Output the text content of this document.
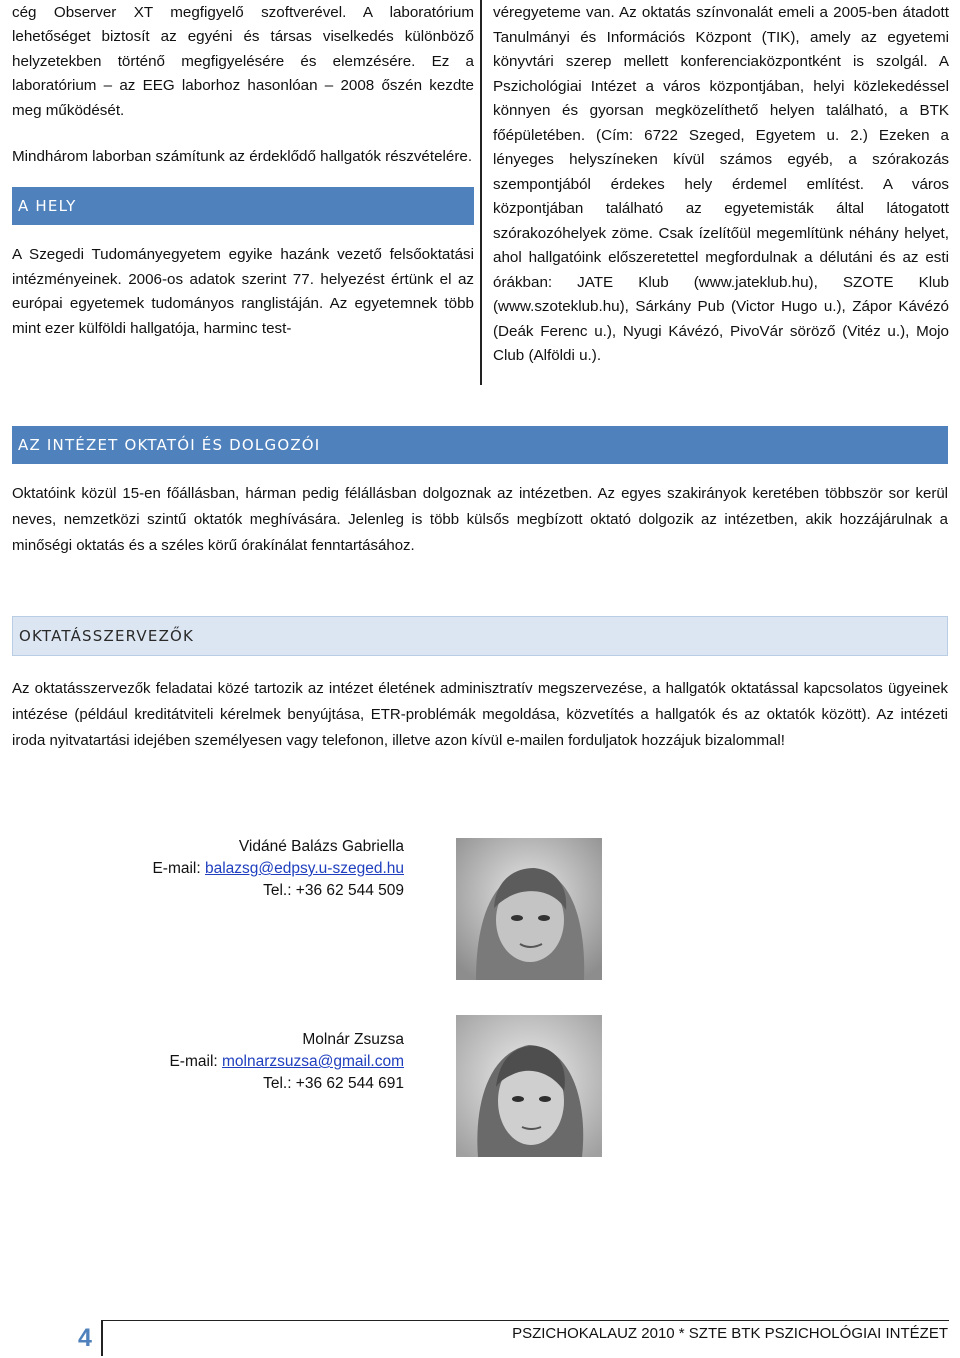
cég Observer XT megfigyelő szoftverével. A laboratórium lehetőséget biztosít az egyéni és társas viselkedés különböző helyzetekben történő megfigyelésére és elemzésére. Ez a laboratórium – az EEG laborhoz hasonlóan – 2008 őszén kezdte meg működését.

Mindhárom laborban számítunk az érdeklődő hallgatók részvételére.

A HELY

A Szegedi Tudományegyetem egyike hazánk vezető felsőoktatási intézményeinek. 2006-os adatok szerint 77. helyezést értünk el az európai egyetemek tudományos ranglistáján. Az egyetemnek több mint ezer külföldi hallgatója, harminc test-

véregyeteme van. Az oktatás színvonalát emeli a 2005-ben átadott Tanulmányi és Információs Központ (TIK), amely az egyetemi könyvtári szerep mellett konferenciaközpontként is szolgál. A Pszichológiai Intézet a város központjában, helyi közlekedéssel könnyen és gyorsan megközelíthető helyen található, a BTK főépületében. (Cím: 6722 Szeged, Egyetem u. 2.) Ezeken a lényeges helyszíneken kívül számos egyéb, a szórakozás szempontjából érdekes hely érdemel említést. A város központjában található az egyetemisták által látogatott szórakozóhelyek zöme. Csak ízelítőül megemlítünk néhány helyet, ahol hallgatóink előszeretettel megfordulnak a délutáni és az esti órákban: JATE Klub (www.jateklub.hu), SZOTE Klub (www.szoteklub.hu), Sárkány Pub (Victor Hugo u.), Zápor Kávézó (Deák Ferenc u.), Nyugi Kávézó, PivoVár söröző (Vitéz u.), Mojo Club (Alföldi u.).

AZ INTÉZET OKTATÓI ÉS DOLGOZÓI

Oktatóink közül 15-en főállásban, hárman pedig félállásban dolgoznak az intézetben. Az egyes szakirányok keretében többször sor kerül neves, nemzetközi szintű oktatók meghívására. Jelenleg is több külsős megbízott oktató dolgozik az intézetben, akik hozzájárulnak a minőségi oktatás és a széles körű órakínálat fenntartásához.

OKTATÁSSZERVEZŐK

Az oktatásszervezők feladatai közé tartozik az intézet életének adminisztratív megszervezése, a hallgatók oktatással kapcsolatos ügyeinek intézése (például kreditátviteli kérelmek benyújtása, ETR-problémák megoldása, közvetítés a hallgatók és az oktatók között). Az intézeti iroda nyitvatartási idejében személyesen vagy telefonon, illetve azon kívül e-mailen forduljatok hozzájuk bizalommal!

Vidáné Balázs Gabriella
E-mail: balazsg@edpsy.u-szeged.hu
Tel.: +36 62 544 509
Molnár Zsuzsa
E-mail: molnarzsuzsa@gmail.com
Tel.: +36 62 544 691
4	PSZICHOKALAUZ 2010 * SZTE BTK PSZICHOLÓGIAI INTÉZET
